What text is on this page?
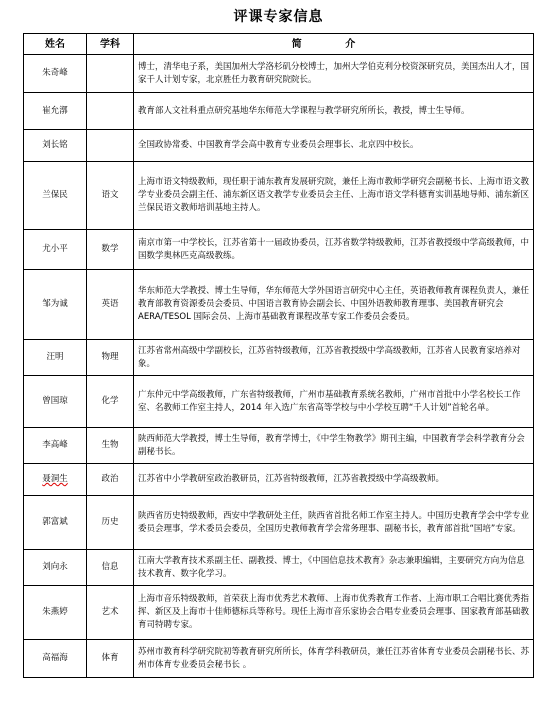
评课专家信息
姓名	学科	简 介
朱奇峰		博士，清华电子系，美国加州大学洛杉矶分校博士，加州大学伯克利分校资深研究员，美国杰出人才，国家千人计划专家，北京胜任力教育研究院院长。
崔允漷		教育部人文社科重点研究基地华东师范大学课程与教学研究所所长，教授，博士生导师。
刘长铭		全国政协常委、中国教育学会高中教育专业委员会理事长、北京四中校长。
兰保民	语文	上海市语文特级教师，现任职于浦东教育发展研究院，兼任上海市教师学研究会副秘书长、上海市语文教学专业委员会副主任、浦东新区语文教学专业委员会主任、上海市语文学科德育实训基地导师、浦东新区兰保民语文教师培训基地主持人。
尤小平	数学	南京市第一中学校长，江苏省第十一届政协委员，江苏省数学特级教师，江苏省教授级中学高级教师，中国数学奥林匹克高级教练。
邹为诚	英语	华东师范大学教授、博士生导师，华东师范大学外国语言研究中心主任，英语教师教育课程负责人，兼任教育部教育资源委员会委员、中国语言教育协会副会长、中国外语教师教育理事、美国教育研究会 AERA/TESOL 国际会员、上海市基础教育课程改革专家工作委员会委员。
汪明	物理	江苏省常州高级中学副校长，江苏省特级教师，江苏省教授级中学高级教师，江苏省人民教育家培养对象。
曾国琼	化学	广东仲元中学高级教师，广东省特级教师，广州市基础教育系统名教师，广州市首批中小学名校长工作室、名教师工作室主持人，2014 年入选广东省高等学校与中小学校互聘“千人计划”首轮名单。
李高峰	生物	陕西师范大学教授，博士生导师，教育学博士，《中学生物教学》期刊主编，中国教育学会科学教育分会副秘书长。
聂洞生	政治	江苏省中小学教研室政治教研员，江苏省特级教师，江苏省教授级中学高级教师。
郭富斌	历史	陕西省历史特级教师，西安中学教研处主任，陕西省首批名师工作室主持人。中国历史教育学会中学专业委员会理事，学术委员会委员，全国历史教师教育学会常务理事、副秘书长，教育部首批“国培”专家。
刘向永	信息	江南大学教育技术系副主任、副教授、博士，《中国信息技术教育》杂志兼职编辑，主要研究方向为信息技术教育、数字化学习。
朱燕婷	艺术	上海市音乐特级教师，首荣获上海市优秀艺术教师、上海市优秀教育工作者、上海市职工合唱比赛优秀指挥、新区及上海市十佳师德标兵等称号。现任上海市音乐家协会合唱专业委员会理事、国家教育部基础教育司特聘专家。
高福海	体育	苏州市教育科学研究院初等教育研究所所长，体育学科教研员，兼任江苏省体育专业委员会副秘书长、苏州市体育专业委员会秘书长 。
